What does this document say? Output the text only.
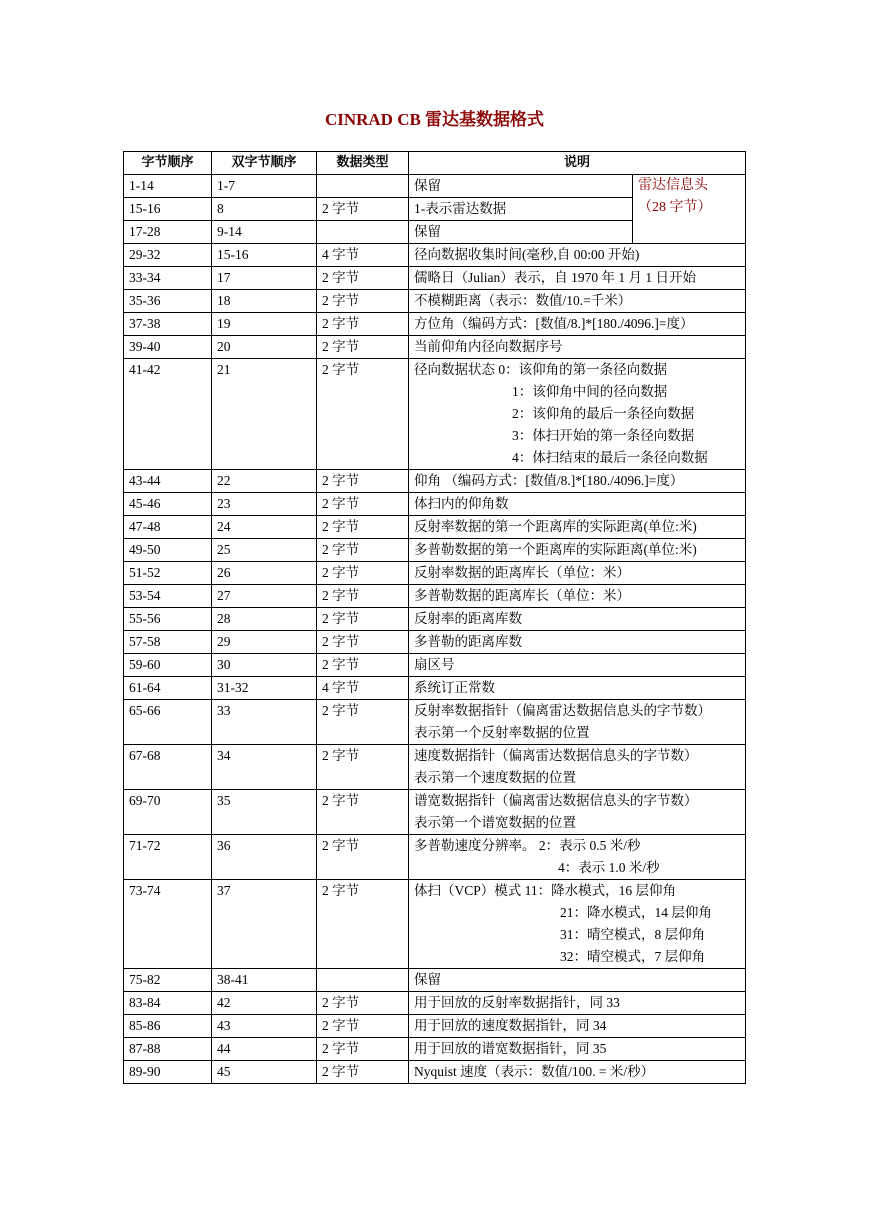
CINRAD CB 雷达基数据格式
字节顺序	双字节顺序	数据类型	说明	
1-14	1-7		保留	雷达信息头
（28 字节）

15-16	8	2 字节	1-表示雷达数据	

17-28	9-14		保留	

29-32	15-16	4 字节	径向数据收集时间(毫秒,自 00:00 开始)	

33-34	17	2 字节	儒略日（Julian）表示，自 1970 年 1 月 1 日开始	

35-36	18	2 字节	不模糊距离（表示：数值/10.=千米）	

37-38	19	2 字节	方位角（编码方式：[数值/8.]*[180./4096.]=度）	

39-40	20	2 字节	当前仰角内径向数据序号	

41-42	21	2 字节	径向数据状态 0：该仰角的第一条径向数据
1：该仰角中间的径向数据
2：该仰角的最后一条径向数据
3：体扫开始的第一条径向数据
4：体扫结束的最后一条径向数据	

43-44	22	2 字节	仰角 （编码方式：[数值/8.]*[180./4096.]=度）	

45-46	23	2 字节	体扫内的仰角数	

47-48	24	2 字节	反射率数据的第一个距离库的实际距离(单位:米)	

49-50	25	2 字节	多普勒数据的第一个距离库的实际距离(单位:米)	

51-52	26	2 字节	反射率数据的距离库长（单位：米）	

53-54	27	2 字节	多普勒数据的距离库长（单位：米）	

55-56	28	2 字节	反射率的距离库数	

57-58	29	2 字节	多普勒的距离库数	

59-60	30	2 字节	扇区号	

61-64	31-32	4 字节	系统订正常数	

65-66	33	2 字节	反射率数据指针（偏离雷达数据信息头的字节数）
表示第一个反射率数据的位置	

67-68	34	2 字节	速度数据指针（偏离雷达数据信息头的字节数）
表示第一个速度数据的位置	

69-70	35	2 字节	谱宽数据指针（偏离雷达数据信息头的字节数）
表示第一个谱宽数据的位置	

71-72	36	2 字节	多普勒速度分辨率。 2：表示 0.5 米/秒
4：表示 1.0 米/秒	

73-74	37	2 字节	体扫（VCP）模式 11：降水模式，16 层仰角
21：降水模式，14 层仰角
31：晴空模式，8 层仰角
32：晴空模式，7 层仰角	

75-82	38-41		保留	

83-84	42	2 字节	用于回放的反射率数据指针，同 33	

85-86	43	2 字节	用于回放的速度数据指针，同 34	

87-88	44	2 字节	用于回放的谱宽数据指针，同 35	

89-90	45	2 字节	Nyquist 速度（表示：数值/100. = 米/秒）	
